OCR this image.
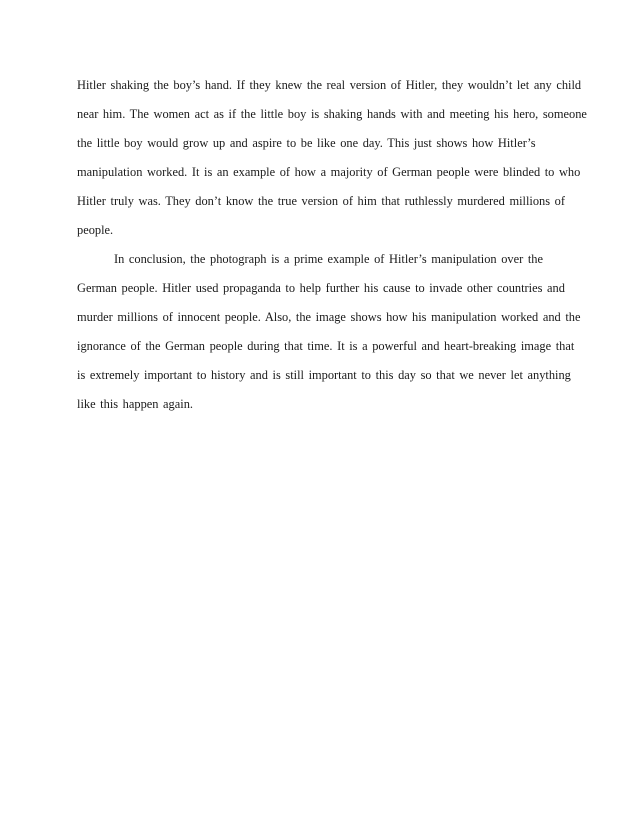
Hitler shaking the boy’s hand. If they knew the real version of Hitler, they wouldn’t let any child
near him. The women act as if the little boy is shaking hands with and meeting his hero, someone
the little boy would grow up and aspire to be like one day. This just shows how Hitler’s
manipulation worked. It is an example of how a majority of German people were blinded to who
Hitler truly was. They don’t know the true version of him that ruthlessly murdered millions of
people.
In conclusion, the photograph is a prime example of Hitler’s manipulation over the
German people. Hitler used propaganda to help further his cause to invade other countries and
murder millions of innocent people. Also, the image shows how his manipulation worked and the
ignorance of the German people during that time. It is a powerful and heart-breaking image that
is extremely important to history and is still important to this day so that we never let anything
like this happen again.
